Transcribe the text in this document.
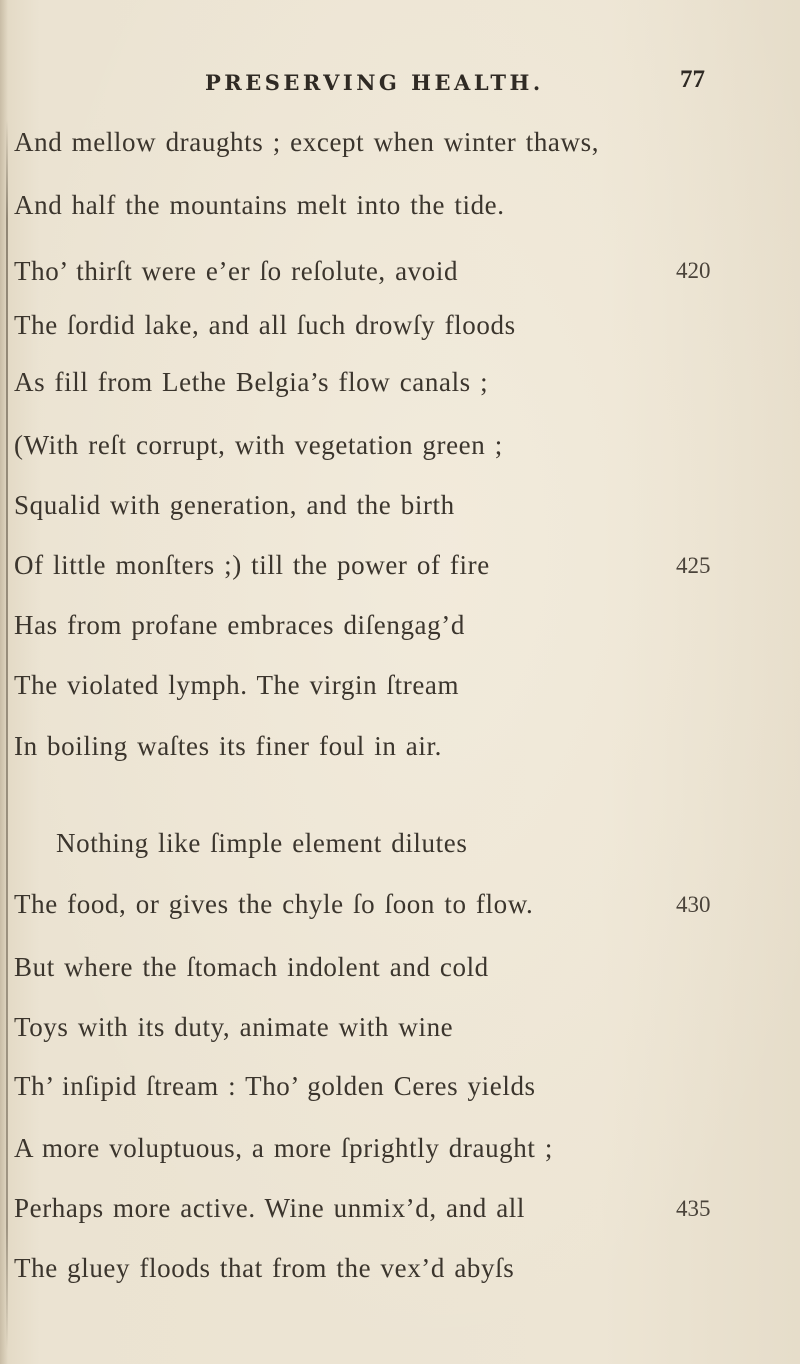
PRESERVING HEALTH.	77
And mellow draughts ; except when winter thaws,
And half the mountains melt into the tide.
Tho’ thirſt were e’er ſo reſolute, avoid
The ſordid lake, and all ſuch drowſy floods
As fill from Lethe Belgia’s flow canals ;
(With reſt corrupt, with vegetation green ;
Squalid with generation, and the birth
Of little monſters ;) till the power of fire
Has from profane embraces diſengag’d
The violated lymph. The virgin ſtream
In boiling waſtes its finer foul in air.
Nothing like ſimple element dilutes
The food, or gives the chyle ſo ſoon to flow.
But where the ſtomach indolent and cold
Toys with its duty, animate with wine
Th’ inſipid ſtream : Tho’ golden Ceres yields
A more voluptuous, a more ſprightly draught ;
Perhaps more active. Wine unmix’d, and all
The gluey floods that from the vex’d abyſs
420
425
430
435
